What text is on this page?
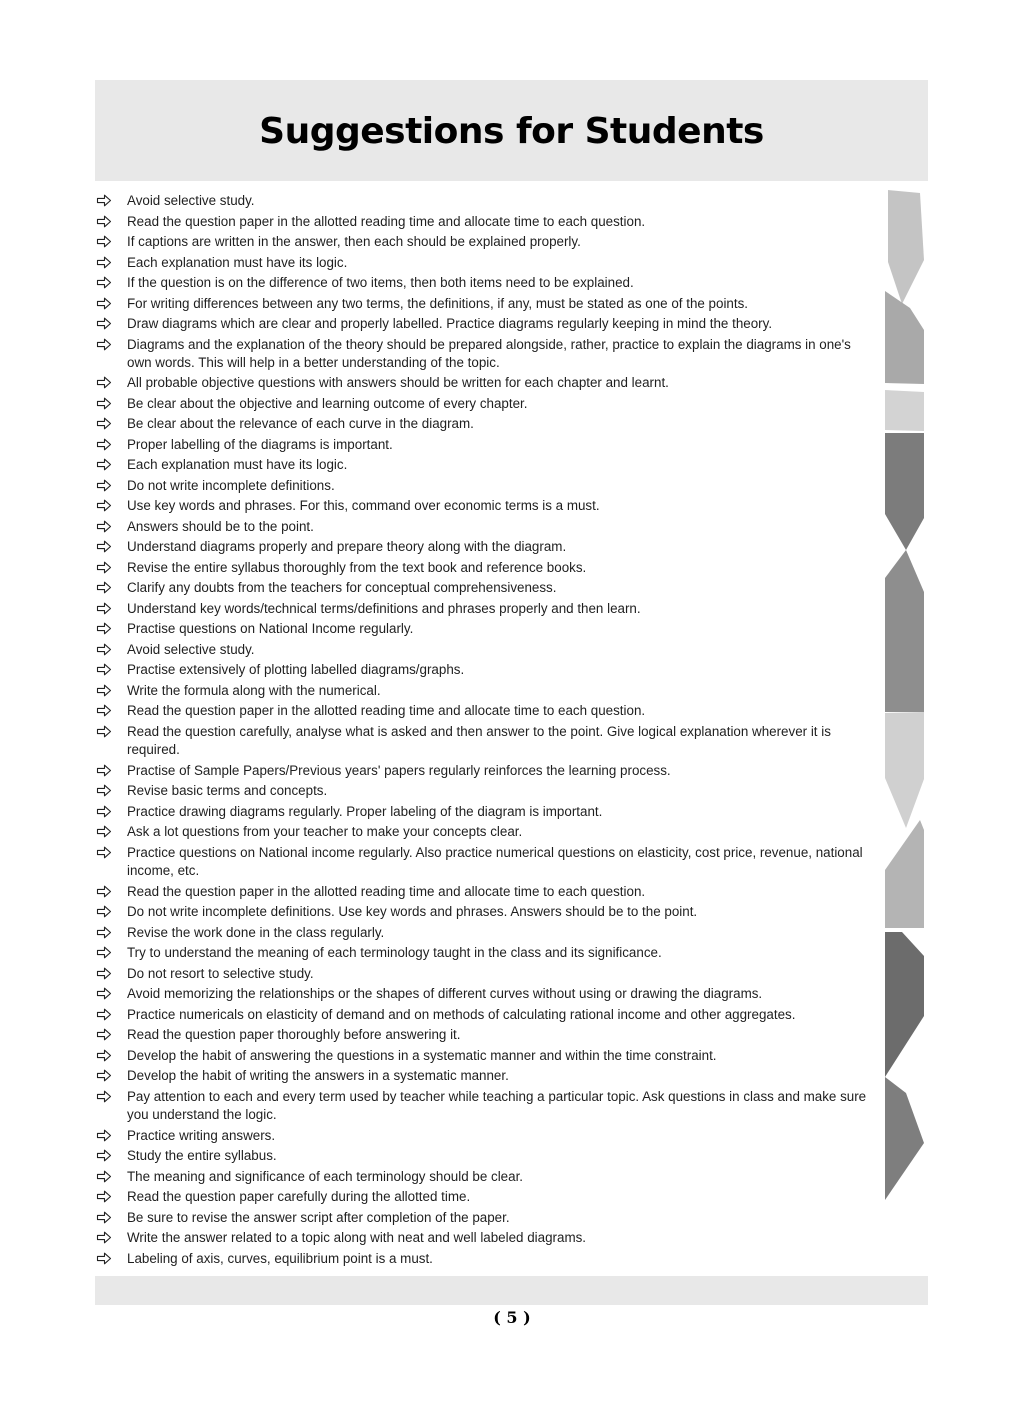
Suggestions for Students
Avoid selective study.
Read the question paper in the allotted reading time and allocate time to each question.
If captions are written in the answer, then each should be explained properly.
Each explanation must have its logic.
If the question is on the difference of two items, then both items need to be explained.
For writing differences between any two terms, the definitions, if any, must be stated as one of the points.
Draw diagrams which are clear and properly labelled. Practice diagrams regularly keeping in mind the theory.
Diagrams and the explanation of the theory should be prepared alongside, rather, practice to explain the diagrams in one's own words. This will help in a better understanding of the topic.
All probable objective questions with answers should be written for each chapter and learnt.
Be clear about the objective and learning outcome of every chapter.
Be clear about the relevance of each curve in the diagram.
Proper labelling of the diagrams is important.
Each explanation must have its logic.
Do not write incomplete definitions.
Use key words and phrases. For this, command over economic terms is a must.
Answers should be to the point.
Understand diagrams properly and prepare theory along with the diagram.
Revise the entire syllabus thoroughly from the text book and reference books.
Clarify any doubts from the teachers for conceptual comprehensiveness.
Understand key words/technical terms/definitions and phrases properly and then learn.
Practise questions on National Income regularly.
Avoid selective study.
Practise extensively of plotting labelled diagrams/graphs.
Write the formula along with the numerical.
Read the question paper in the allotted reading time and allocate time to each question.
Read the question carefully, analyse what is asked and then answer to the point. Give logical explanation wherever it is required.
Practise of Sample Papers/Previous years' papers regularly reinforces the learning process.
Revise basic terms and concepts.
Practice drawing diagrams regularly. Proper labeling of the diagram is important.
Ask a lot questions from your teacher to make your concepts clear.
Practice questions on National income regularly. Also practice numerical questions on elasticity, cost price, revenue, national income, etc.
Read the question paper in the allotted reading time and allocate time to each question.
Do not write incomplete definitions. Use key words and phrases. Answers should be to the point.
Revise the work done in the class regularly.
Try to understand the meaning of each terminology taught in the class and its significance.
Do not resort to selective study.
Avoid memorizing the relationships or the shapes of different curves without using or drawing the diagrams.
Practice numericals on elasticity of demand and on methods of calculating rational income and other aggregates.
Read the question paper thoroughly before answering it.
Develop the habit of answering the questions in a systematic manner and within the time constraint.
Develop the habit of writing the answers in a systematic manner.
Pay attention to each and every term used by teacher while teaching a particular topic. Ask questions in class and make sure you understand the logic.
Practice writing answers.
Study the entire syllabus.
The meaning and significance of each terminology should be clear.
Read the question paper carefully during the allotted time.
Be sure to revise the answer script after completion of the paper.
Write the answer related to a topic along with neat and well labeled diagrams.
Labeling of axis, curves, equilibrium point is a must.
( 5 )
